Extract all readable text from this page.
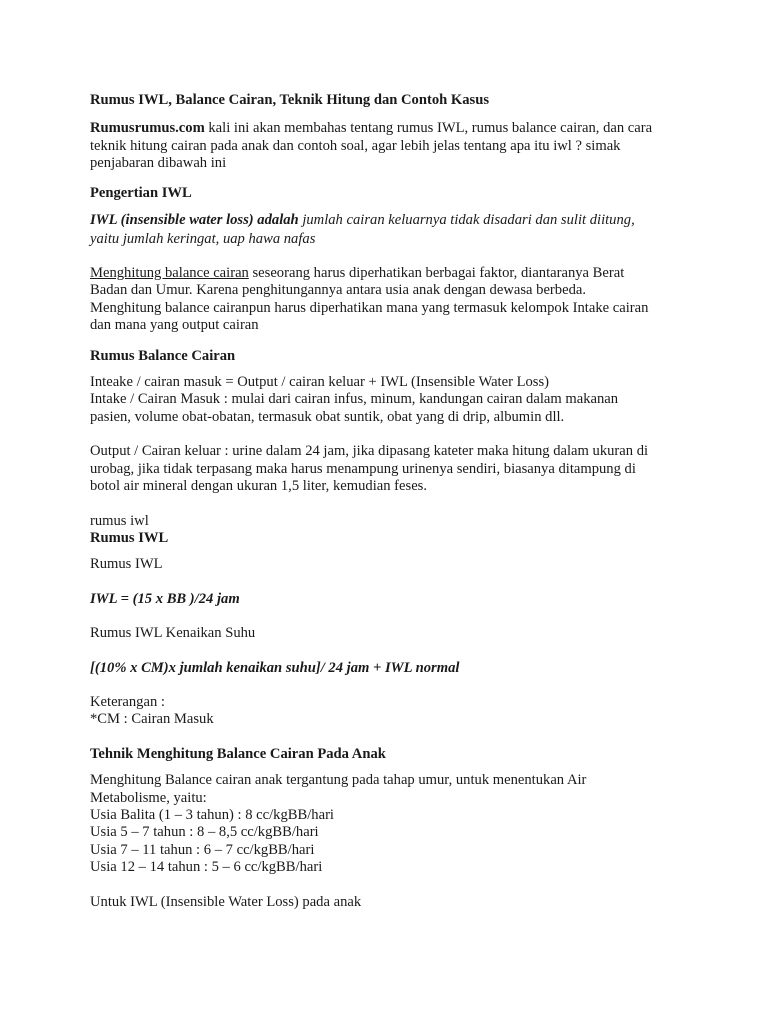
Rumus IWL, Balance Cairan, Teknik Hitung dan Contoh Kasus

Rumusrumus.com kali ini akan membahas tentang rumus IWL, rumus balance cairan, dan cara
teknik hitung cairan pada anak dan contoh soal, agar lebih jelas tentang apa itu iwl ? simak
penjabaran dibawah ini

Pengertian IWL

IWL (insensible water loss) adalah jumlah cairan keluarnya tidak disadari dan sulit diitung,
yaitu jumlah keringat, uap hawa nafas

Menghitung balance cairan seseorang harus diperhatikan berbagai faktor, diantaranya Berat
Badan dan Umur. Karena penghitungannya antara usia anak dengan dewasa berbeda.
Menghitung balance cairanpun harus diperhatikan mana yang termasuk kelompok Intake cairan
dan mana yang output cairan

Rumus Balance Cairan

Inteake / cairan masuk = Output / cairan keluar + IWL (Insensible Water Loss)
Intake / Cairan Masuk : mulai dari cairan infus, minum, kandungan cairan dalam makanan
pasien, volume obat-obatan, termasuk obat suntik, obat yang di drip, albumin dll.

Output / Cairan keluar : urine dalam 24 jam, jika dipasang kateter maka hitung dalam ukuran di
urobag, jika tidak terpasang maka harus menampung urinenya sendiri, biasanya ditampung di
botol air mineral dengan ukuran 1,5 liter, kemudian feses.

rumus iwl

Rumus IWL

Rumus IWL

IWL = (15 x BB )/24 jam

Rumus IWL Kenaikan Suhu

[(10% x CM)x jumlah kenaikan suhu]/ 24 jam + IWL normal

Keterangan :
*CM : Cairan Masuk

Tehnik Menghitung Balance Cairan Pada Anak

Menghitung Balance cairan anak tergantung pada tahap umur, untuk menentukan Air
Metabolisme, yaitu:
Usia Balita (1 – 3 tahun) : 8 cc/kgBB/hari
Usia 5 – 7 tahun : 8 – 8,5 cc/kgBB/hari
Usia 7 – 11 tahun : 6 – 7 cc/kgBB/hari
Usia 12 – 14 tahun : 5 – 6 cc/kgBB/hari

Untuk IWL (Insensible Water Loss) pada anak
